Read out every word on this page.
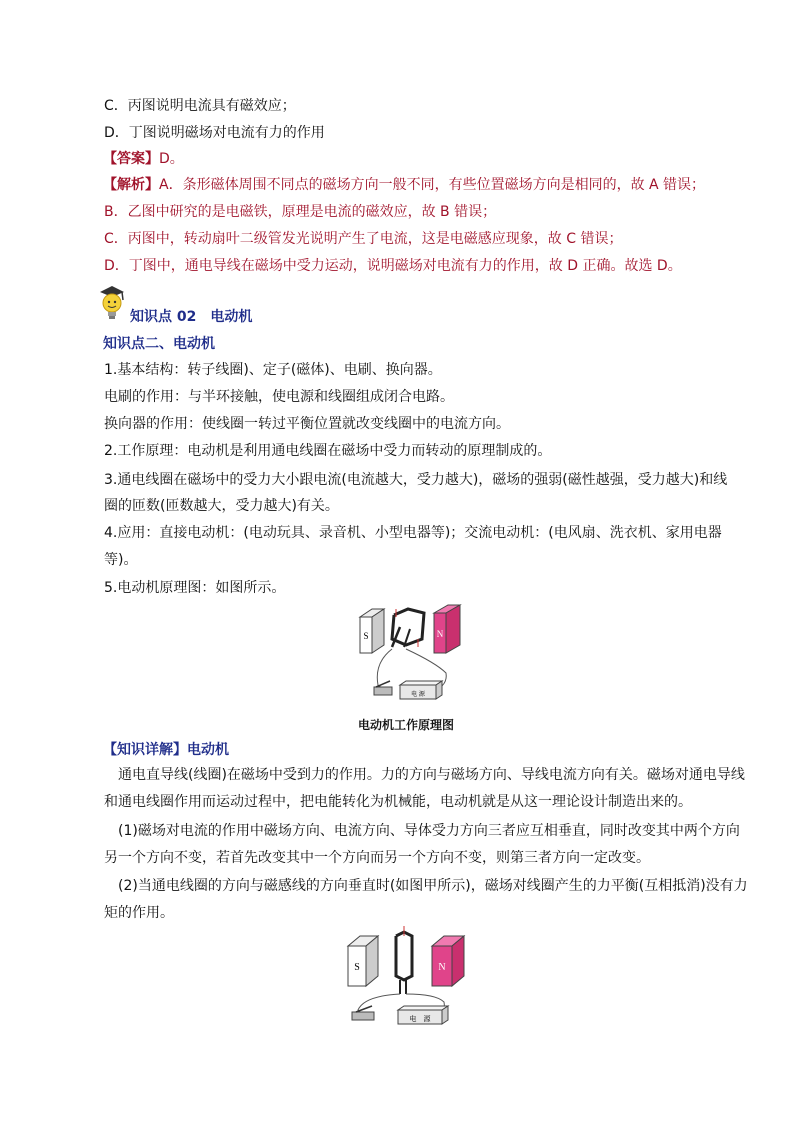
C．丙图说明电流具有磁效应；
D．丁图说明磁场对电流有力的作用
【答案】D。
【解析】A．条形磁体周围不同点的磁场方向一般不同，有些位置磁场方向是相同的，故 A 错误；
B．乙图中研究的是电磁铁，原理是电流的磁效应，故 B 错误；
C．丙图中，转动扇叶二级管发光说明产生了电流，这是电磁感应现象，故 C 错误；
D．丁图中，通电导线在磁场中受力运动，说明磁场对电流有力的作用，故 D 正确。故选 D。
知识点 02　电动机
知识点二、电动机
1.基本结构：转子线圈)、定子(磁体)、电刷、换向器。
电刷的作用：与半环接触，使电源和线圈组成闭合电路。
换向器的作用：使线圈一转过平衡位置就改变线圈中的电流方向。
2.工作原理：电动机是利用通电线圈在磁场中受力而转动的原理制成的。
3.通电线圈在磁场中的受力大小跟电流(电流越大，受力越大)，磁场的强弱(磁性越强，受力越大)和线
圈的匝数(匝数越大，受力越大)有关。
4.应用：直接电动机：(电动玩具、录音机、小型电器等)；交流电动机：(电风扇、洗衣机、家用电器
等)。
5.电动机原理图：如图所示。
S	N
电 源
电动机工作原理图
【知识详解】电动机
通电直导线(线圈)在磁场中受到力的作用。力的方向与磁场方向、导线电流方向有关。磁场对通电导线
和通电线圈作用而运动过程中，把电能转化为机械能，电动机就是从这一理论设计制造出来的。
(1)磁场对电流的作用中磁场方向、电流方向、导体受力方向三者应互相垂直，同时改变其中两个方向
另一个方向不变，若首先改变其中一个方向而另一个方向不变，则第三者方向一定改变。
(2)当通电线圈的方向与磁感线的方向垂直时(如图甲所示)，磁场对线圈产生的力平衡(互相抵消)没有力
矩的作用。
S	N
电　源
